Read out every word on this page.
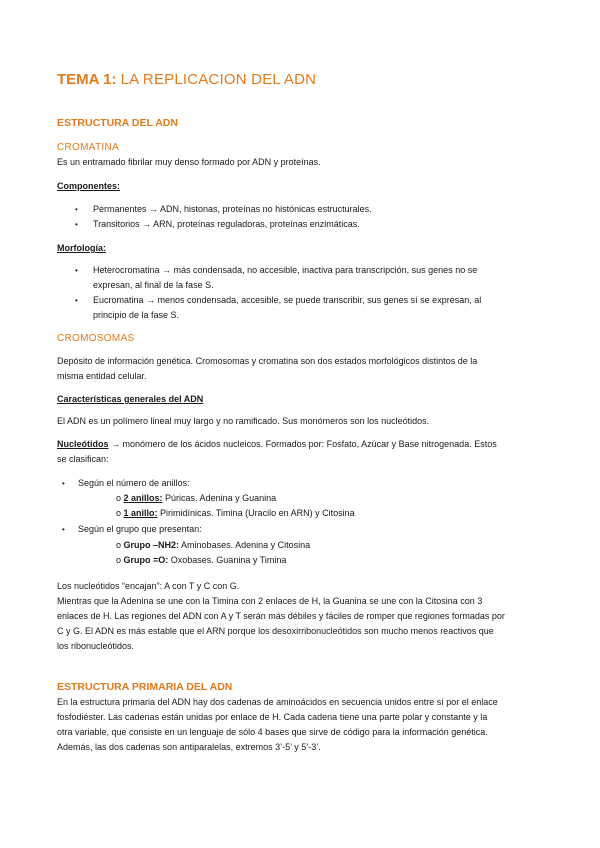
TEMA 1: LA REPLICACION DEL ADN
ESTRUCTURA DEL ADN
CROMATINA
Es un entramado fibrilar muy denso formado por ADN y proteínas.
Componentes:
• Permanentes → ADN, histonas, proteínas no histónicas estructurales.
• Transitorios → ARN, proteínas reguladoras, proteínas enzimáticas.
Morfología:
• Heterocromatina → más condensada, no accesible, inactiva para transcripción, sus genes no se
expresan, al final de la fase S.
• Eucromatina → menos condensada, accesible, se puede transcribir, sus genes sí se expresan, al
principio de la fase S.
CROMOSOMAS
Depósito de información genética. Cromosomas y cromatina son dos estados morfológicos distintos de la
misma entidad celular.
Características generales del ADN
El ADN es un polímero lineal muy largo y no ramificado. Sus monómeros son los nucleótidos.
Nucleótidos → monómero de los ácidos nucleicos. Formados por: Fosfato, Azúcar y Base nitrogenada. Estos
se clasifican:
• Según el número de anillos:
o 2 anillos: Púricas. Adenina y Guanina
o 1 anillo: Pirimidínicas. Timina (Uracilo en ARN) y Citosina
• Según el grupo que presentan:
o Grupo –NH2: Aminobases. Adenina y Citosina
o Grupo =O: Oxobases. Guanina y Timina
Los nucleótidos “encajan”: A con T y C con G.
Mientras que la Adenina se une con la Timina con 2 enlaces de H, la Guanina se une con la Citosina con 3
enlaces de H. Las regiones del ADN con A y T serán más débiles y fáciles de romper que regiones formadas por
C y G. El ADN es más estable que el ARN porque los desoxirribonucleótidos son mucho menos reactivos que
los ribonucleótidos.
ESTRUCTURA PRIMARIA DEL ADN
En la estructura primaria del ADN hay dos cadenas de aminoácidos en secuencia unidos entre sí por el enlace
fosfodiéster. Las cadenas están unidas por enlace de H. Cada cadena tiene una parte polar y constante y la
otra variable, que consiste en un lenguaje de sólo 4 bases que sirve de código para la información genética.
Además, las dos cadenas son antiparalelas, extremos 3’-5’ y 5’-3’.
